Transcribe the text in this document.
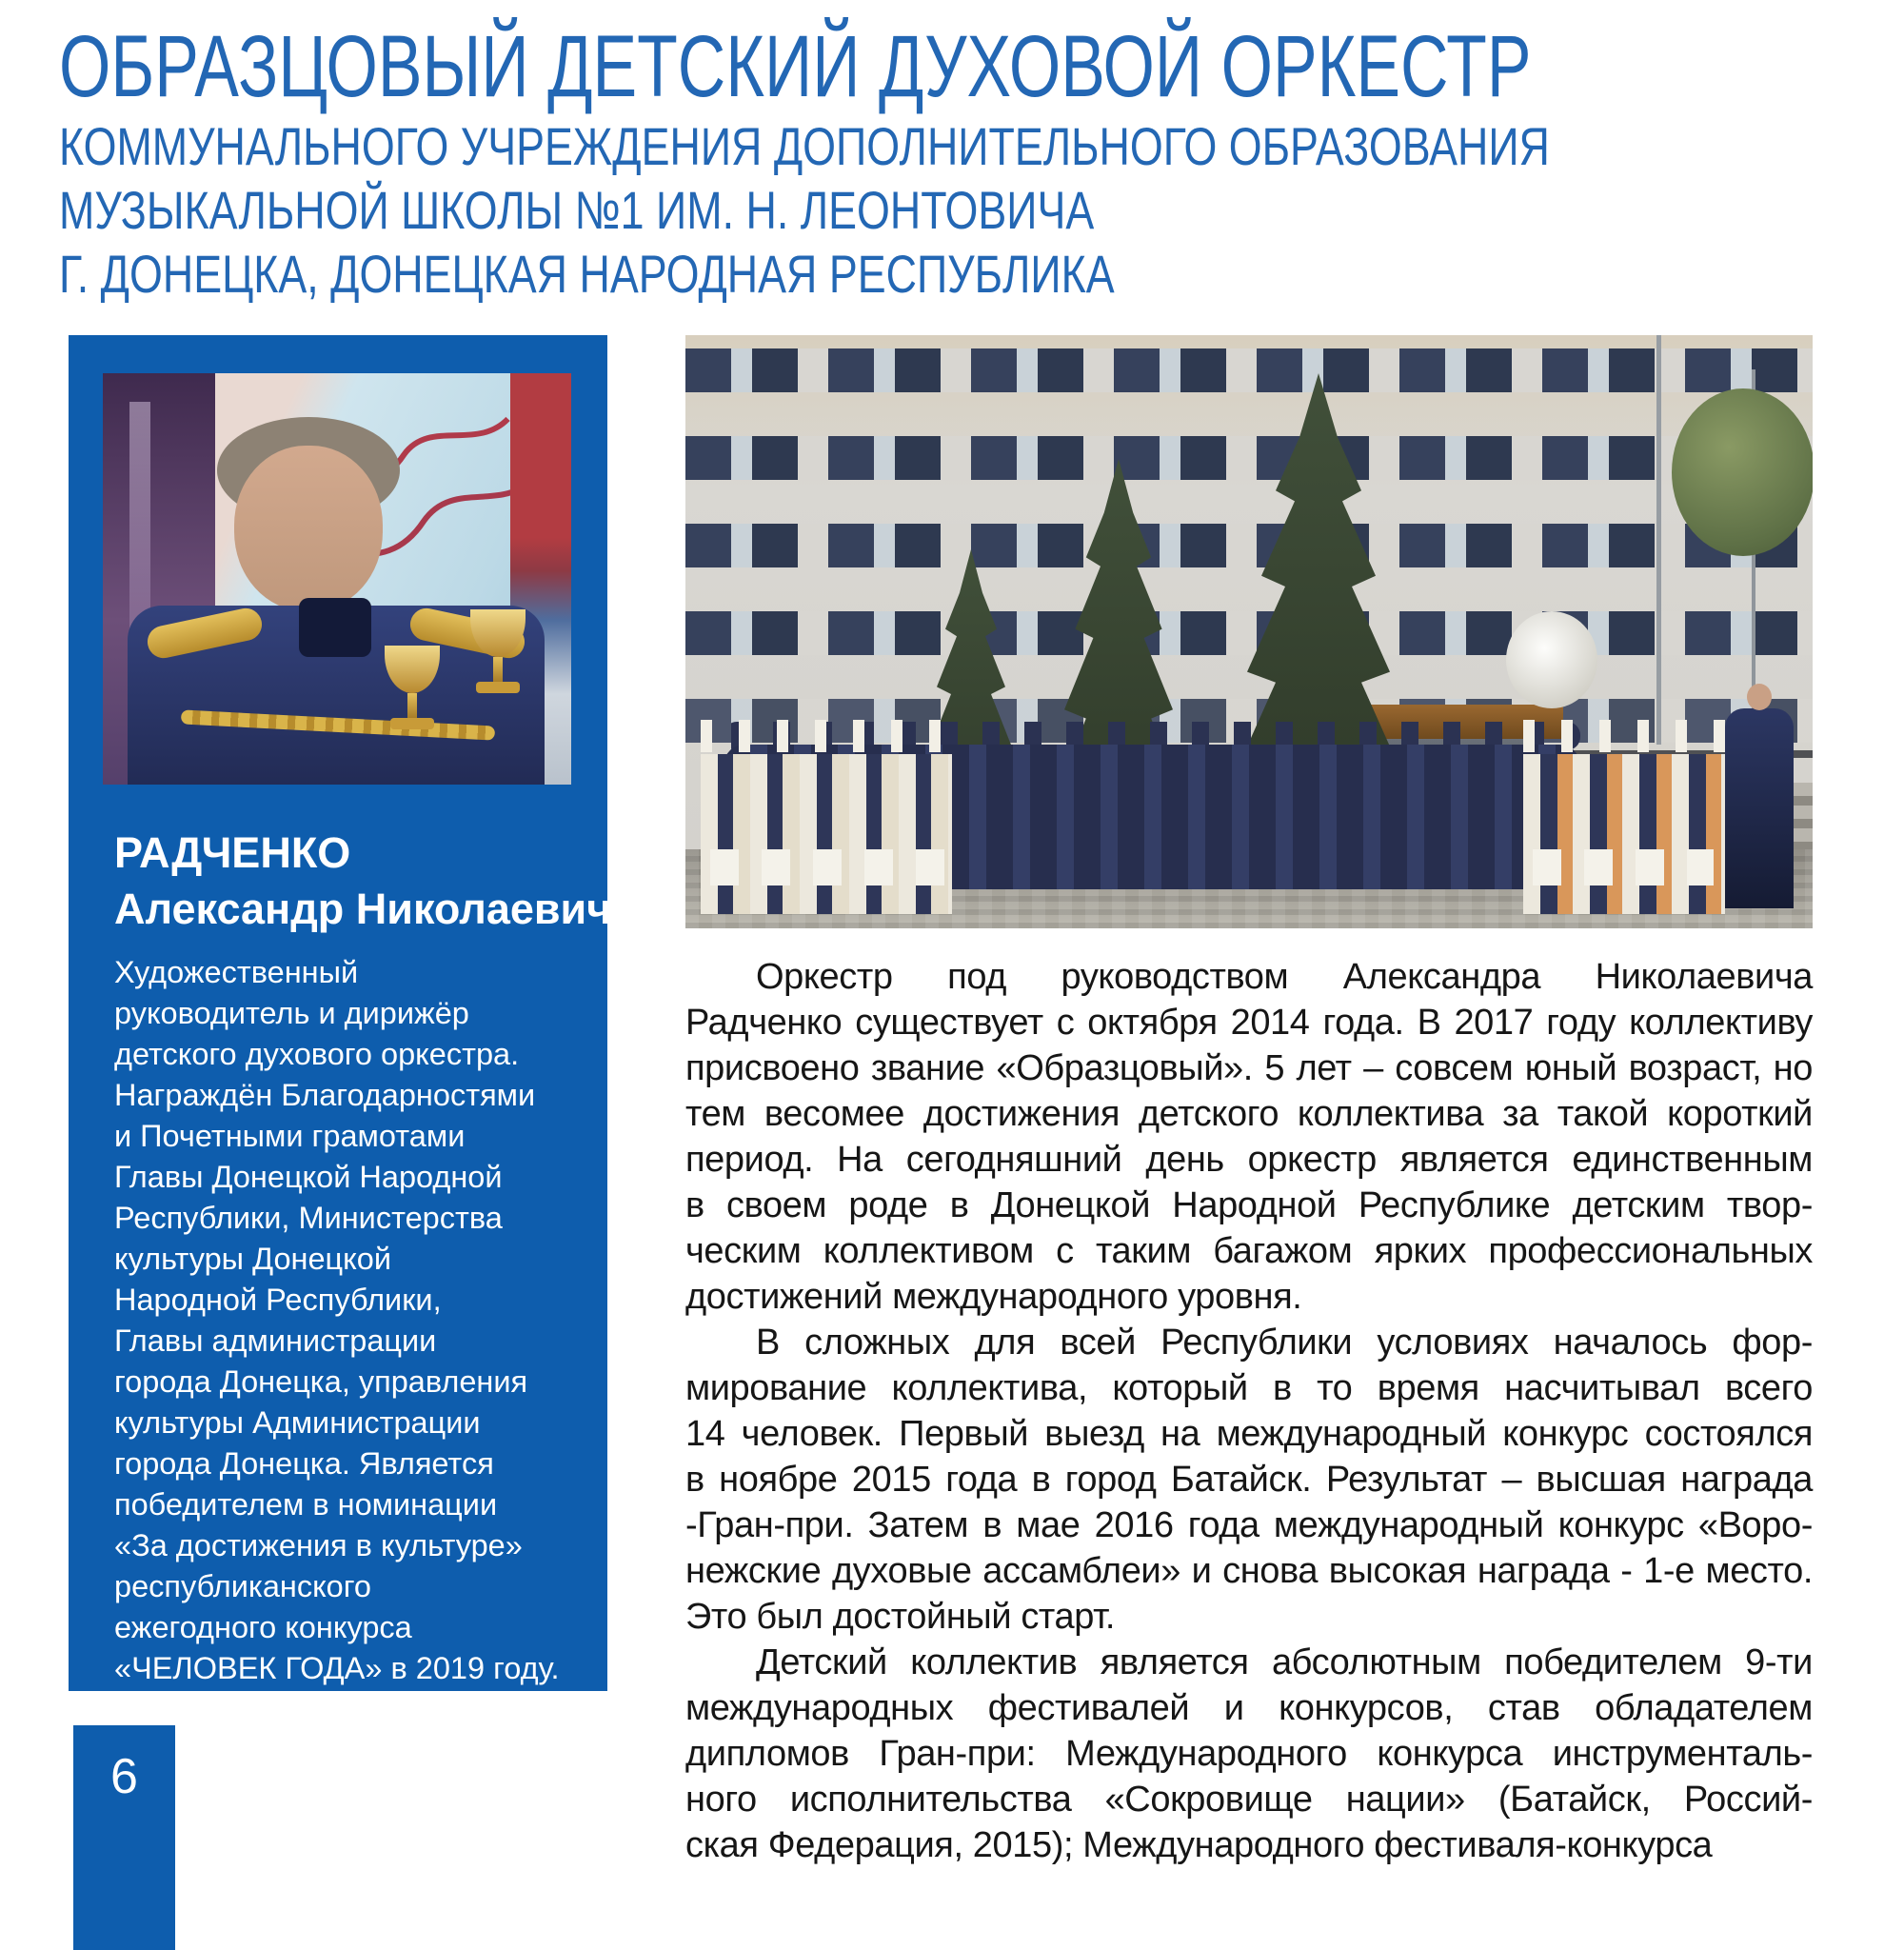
ОБРАЗЦОВЫЙ ДЕТСКИЙ ДУХОВОЙ ОРКЕСТР
КОММУНАЛЬНОГО УЧРЕЖДЕНИЯ ДОПОЛНИТЕЛЬНОГО ОБРАЗОВАНИЯ
МУЗЫКАЛЬНОЙ ШКОЛЫ №1 ИМ. Н. ЛЕОНТОВИЧА
Г. ДОНЕЦКА, ДОНЕЦКАЯ НАРОДНАЯ РЕСПУБЛИКА
РАДЧЕНКО
Александр Николаевич
Художественный
руководитель и дирижёр
детского духового оркестра.
Награждён Благодарностями
и Почетными грамотами
Главы Донецкой Народной
Республики, Министерства
культуры Донецкой
Народной Республики,
Главы администрации
города Донецка, управления
культуры Администрации
города Донецка. Является
победителем в номинации
«За достижения в культуре»
республиканского
ежегодного конкурса
«ЧЕЛОВЕК ГОДА» в 2019 году.
6
Оркестр под руководством Александра Николаевича
Радченко существует с октября 2014 года. В 2017 году коллективу
присвоено звание «Образцовый». 5 лет – совсем юный возраст, но
тем весомее достижения детского коллектива за такой короткий
период. На сегодняшний день оркестр является единственным
в своем роде в Донецкой Народной Республике детским твор-
ческим коллективом с таким багажом ярких профессиональных
достижений международного уровня.
В сложных для всей Республики условиях началось фор-
мирование коллектива, который в то время насчитывал всего
14 человек. Первый выезд на международный конкурс состоялся
в ноябре 2015 года в город Батайск. Результат – высшая награда
-Гран-при. Затем в мае 2016 года международный конкурс «Воро-
нежские духовые ассамблеи» и снова высокая награда - 1-е место.
Это был достойный старт.
Детский коллектив является абсолютным победителем 9-ти
международных фестивалей и конкурсов, став обладателем
дипломов Гран-при: Международного конкурса инструменталь-
ного исполнительства «Сокровище нации» (Батайск, Россий-
ская Федерация, 2015); Международного фестиваля-конкурса
